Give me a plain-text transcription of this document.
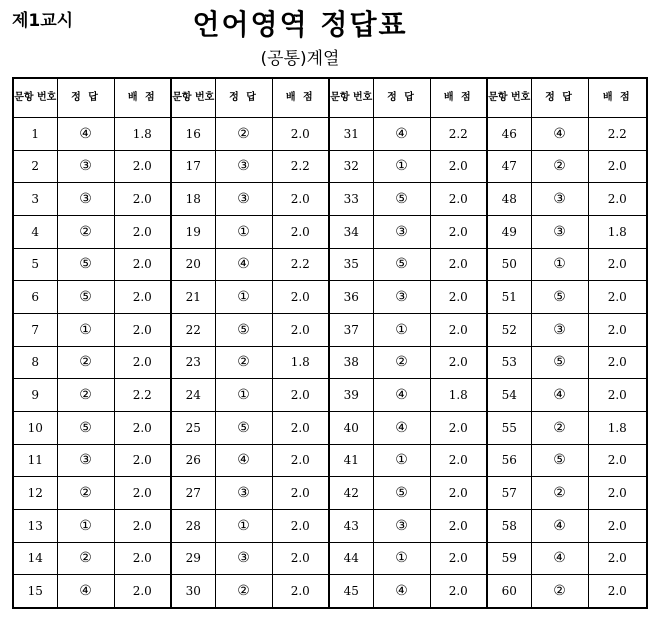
제1교시	언어영역 정답표
(공통)계열
문항 번호	정 답	배 점	문항 번호	정 답	배 점	문항 번호	정 답	배 점	문항 번호	정 답	배 점
1	④	1.8	16	②	2.0	31	④	2.2	46	④	2.2
2	③	2.0	17	③	2.2	32	①	2.0	47	②	2.0
3	③	2.0	18	③	2.0	33	⑤	2.0	48	③	2.0
4	②	2.0	19	①	2.0	34	③	2.0	49	③	1.8
5	⑤	2.0	20	④	2.2	35	⑤	2.0	50	①	2.0
6	⑤	2.0	21	①	2.0	36	③	2.0	51	⑤	2.0
7	①	2.0	22	⑤	2.0	37	①	2.0	52	③	2.0
8	②	2.0	23	②	1.8	38	②	2.0	53	⑤	2.0
9	②	2.2	24	①	2.0	39	④	1.8	54	④	2.0
10	⑤	2.0	25	⑤	2.0	40	④	2.0	55	②	1.8
11	③	2.0	26	④	2.0	41	①	2.0	56	⑤	2.0
12	②	2.0	27	③	2.0	42	⑤	2.0	57	②	2.0
13	①	2.0	28	①	2.0	43	③	2.0	58	④	2.0
14	②	2.0	29	③	2.0	44	①	2.0	59	④	2.0
15	④	2.0	30	②	2.0	45	④	2.0	60	②	2.0
